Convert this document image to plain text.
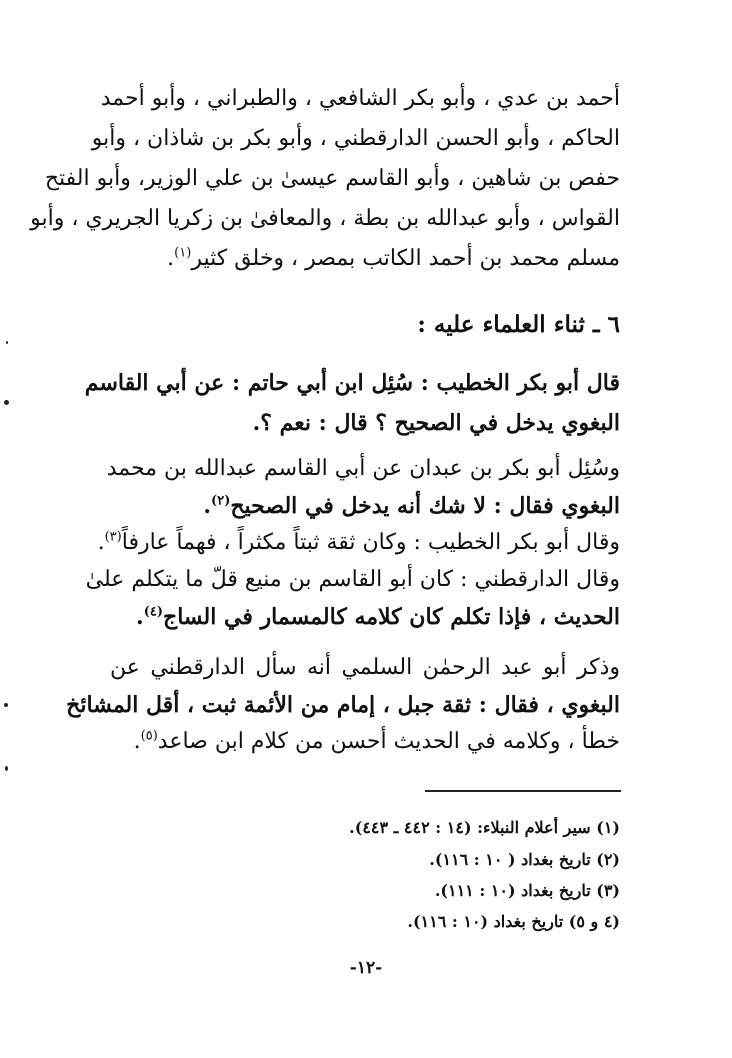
أحمد بن عدي ، وأبو بكر الشافعي ، والطبراني ، وأبو أحمد
الحاكم ، وأبو الحسن الدارقطني ، وأبو بكر بن شاذان ، وأبو
حفص بن شاهين ، وأبو القاسم عيسىٰ بن علي الوزير، وأبو الفتح
القواس ، وأبو عبدالله بن بطة ، والمعافىٰ بن زكريا الجريري ، وأبو
مسلم محمد بن أحمد الكاتب بمصر ، وخلق كثير$^{(١)}$.
٦ ـ ثناء العلماء عليه :
قال أبو بكر الخطيب : سُئِل ابن أبي حاتم : عن أبي القاسم
البغوي يدخل في الصحيح ؟ قال : نعم ؟.
وسُئِل أبو بكر بن عبدان عن أبي القاسم عبدالله بن محمد
البغوي فقال : لا شك أنه يدخل في الصحيح$^{(٢)}$.
وقال أبو بكر الخطيب : وكان ثقة ثبتاً مكثراً ، فهماً عارفاً$^{(٣)}$.
وقال الدارقطني : كان أبو القاسم بن منيع قلّ ما يتكلم علىٰ
الحديث ، فإذا تكلم كان كلامه كالمسمار في الساج$^{(٤)}$.
وذكر أبو عبد الرحمٰن السلمي أنه سأل الدارقطني عن
البغوي ، فقال : ثقة جبل ، إمام من الأئمة ثبت ، أقل المشائخ
خطأ ، وكلامه في الحديث أحسن من كلام ابن صاعد$^{(٥)}$.
(١) سير أعلام النبلاء: (١٤ : ٤٤٢ ـ ٤٤٣).
(٢) تاريخ بغداد ( ١٠ : ١١٦).
(٣) تاريخ بغداد (١٠ : ١١١).
(٤ و ٥) تاريخ بغداد (١٠ : ١١٦).
-١٢-
